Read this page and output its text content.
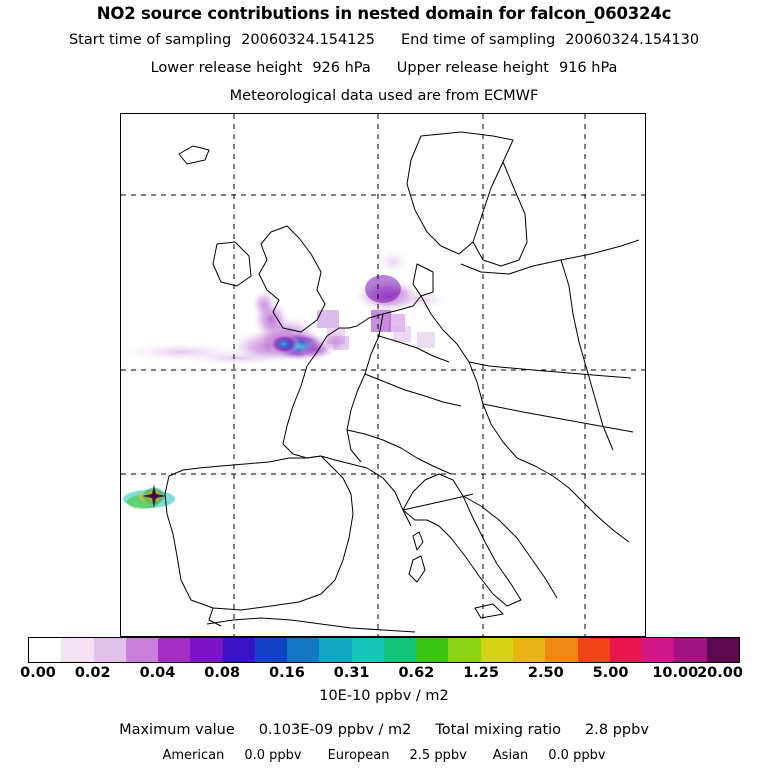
NO2 source contributions in nested domain for falcon_060324c
Start time of sampling 20060324.154125 End time of sampling 20060324.154130
Lower release height 926 hPa Upper release height 916 hPa
Meteorological data used are from ECMWF
0.00 0.02 0.04 0.08 0.16 0.31 0.62 1.25 2.50 5.00 10.00
20.00
10E-10 ppbv / m2
Maximum value 0.103E-09 ppbv / m2 Total mixing ratio 2.8 ppbv
American 0.0 ppbv European 2.5 ppbv Asian 0.0 ppbv
